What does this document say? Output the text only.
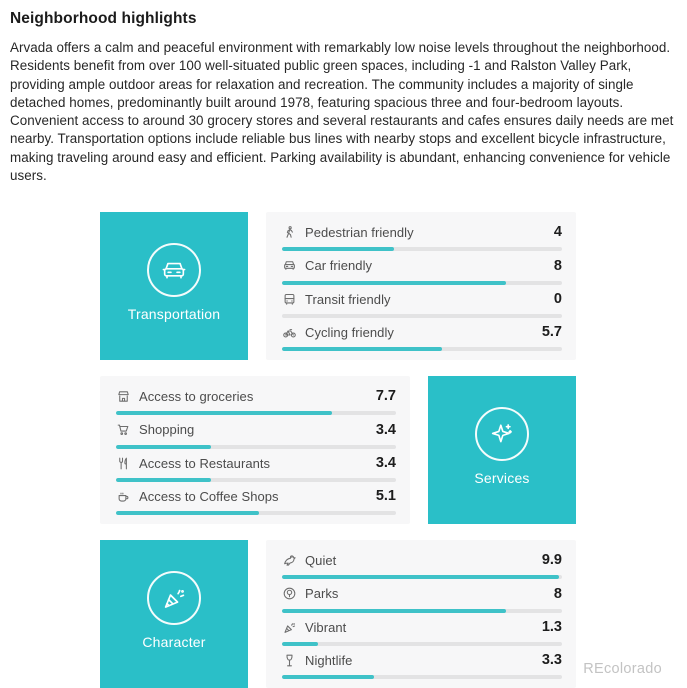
Neighborhood highlights

Arvada offers a calm and peaceful environment with remarkably low noise levels throughout the neighborhood. Residents benefit from over 100 well-situated public green spaces, including -1 and Ralston Valley Park, providing ample outdoor areas for relaxation and recreation. The community includes a majority of single detached homes, predominantly built around 1978, featuring spacious three and four-bedroom layouts. Convenient access to around 30 grocery stores and several restaurants and cafes ensures daily needs are met nearby. Transportation options include reliable bus lines with nearby stops and excellent bicycle infrastructure, making traveling around easy and efficient. Parking availability is abundant, enhancing convenience for vehicle users.

Transportation
Pedestrian friendly	4
Car friendly	8
Transit friendly	0
Cycling friendly	5.7
Services
Access to groceries	7.7
Shopping	3.4
Access to Restaurants	3.4
Access to Coffee Shops	5.1
Character
Quiet	9.9
Parks	8
Vibrant	1.3
Nightlife	3.3
REcolorado
